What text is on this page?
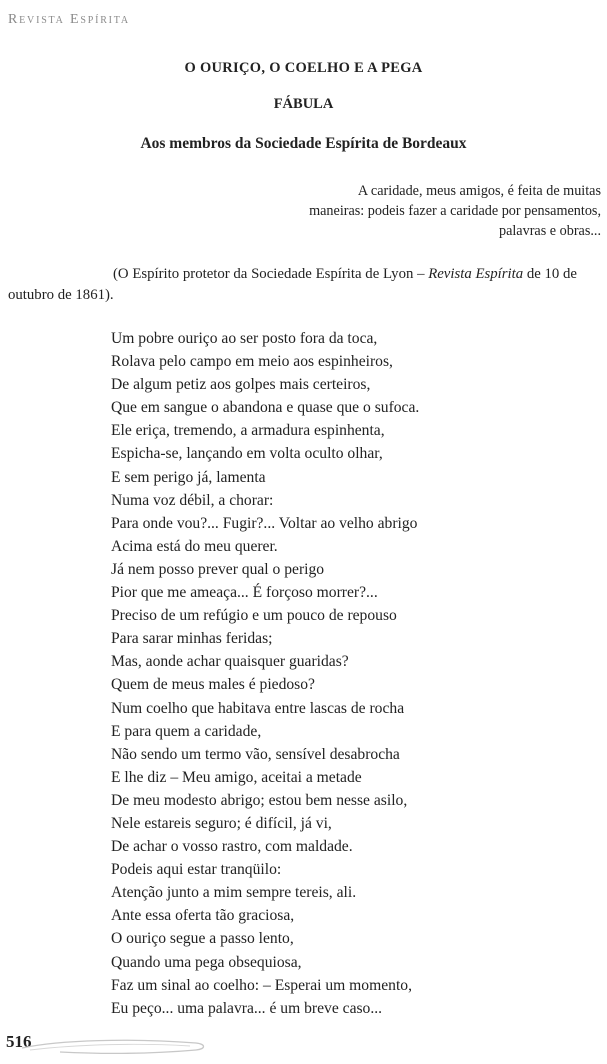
Revista Espírita
O OURIÇO, O COELHO E A PEGA
FÁBULA
Aos membros da Sociedade Espírita de Bordeaux
A caridade, meus amigos, é feita de muitas
maneiras: podeis fazer a caridade por pensamentos,
palavras e obras...
(O Espírito protetor da Sociedade Espírita de Lyon – Revista Espírita de 10 de outubro de 1861).
Um pobre ouriço ao ser posto fora da toca,
Rolava pelo campo em meio aos espinheiros,
De algum petiz aos golpes mais certeiros,
Que em sangue o abandona e quase que o sufoca.
Ele eriça, tremendo, a armadura espinhenta,
Espicha-se, lançando em volta oculto olhar,
E sem perigo já, lamenta
Numa voz débil, a chorar:
Para onde vou?... Fugir?... Voltar ao velho abrigo
Acima está do meu querer.
Já nem posso prever qual o perigo
Pior que me ameaça... É forçoso morrer?...
Preciso de um refúgio e um pouco de repouso
Para sarar minhas feridas;
Mas, aonde achar quaisquer guaridas?
Quem de meus males é piedoso?
Num coelho que habitava entre lascas de rocha
E para quem a caridade,
Não sendo um termo vão, sensível desabrocha
E lhe diz – Meu amigo, aceitai a metade
De meu modesto abrigo; estou bem nesse asilo,
Nele estareis seguro; é difícil, já vi,
De achar o vosso rastro, com maldade.
Podeis aqui estar tranqüilo:
Atenção junto a mim sempre tereis, ali.
Ante essa oferta tão graciosa,
O ouriço segue a passo lento,
Quando uma pega obsequiosa,
Faz um sinal ao coelho: – Esperai um momento,
Eu peço... uma palavra... é um breve caso...
516
